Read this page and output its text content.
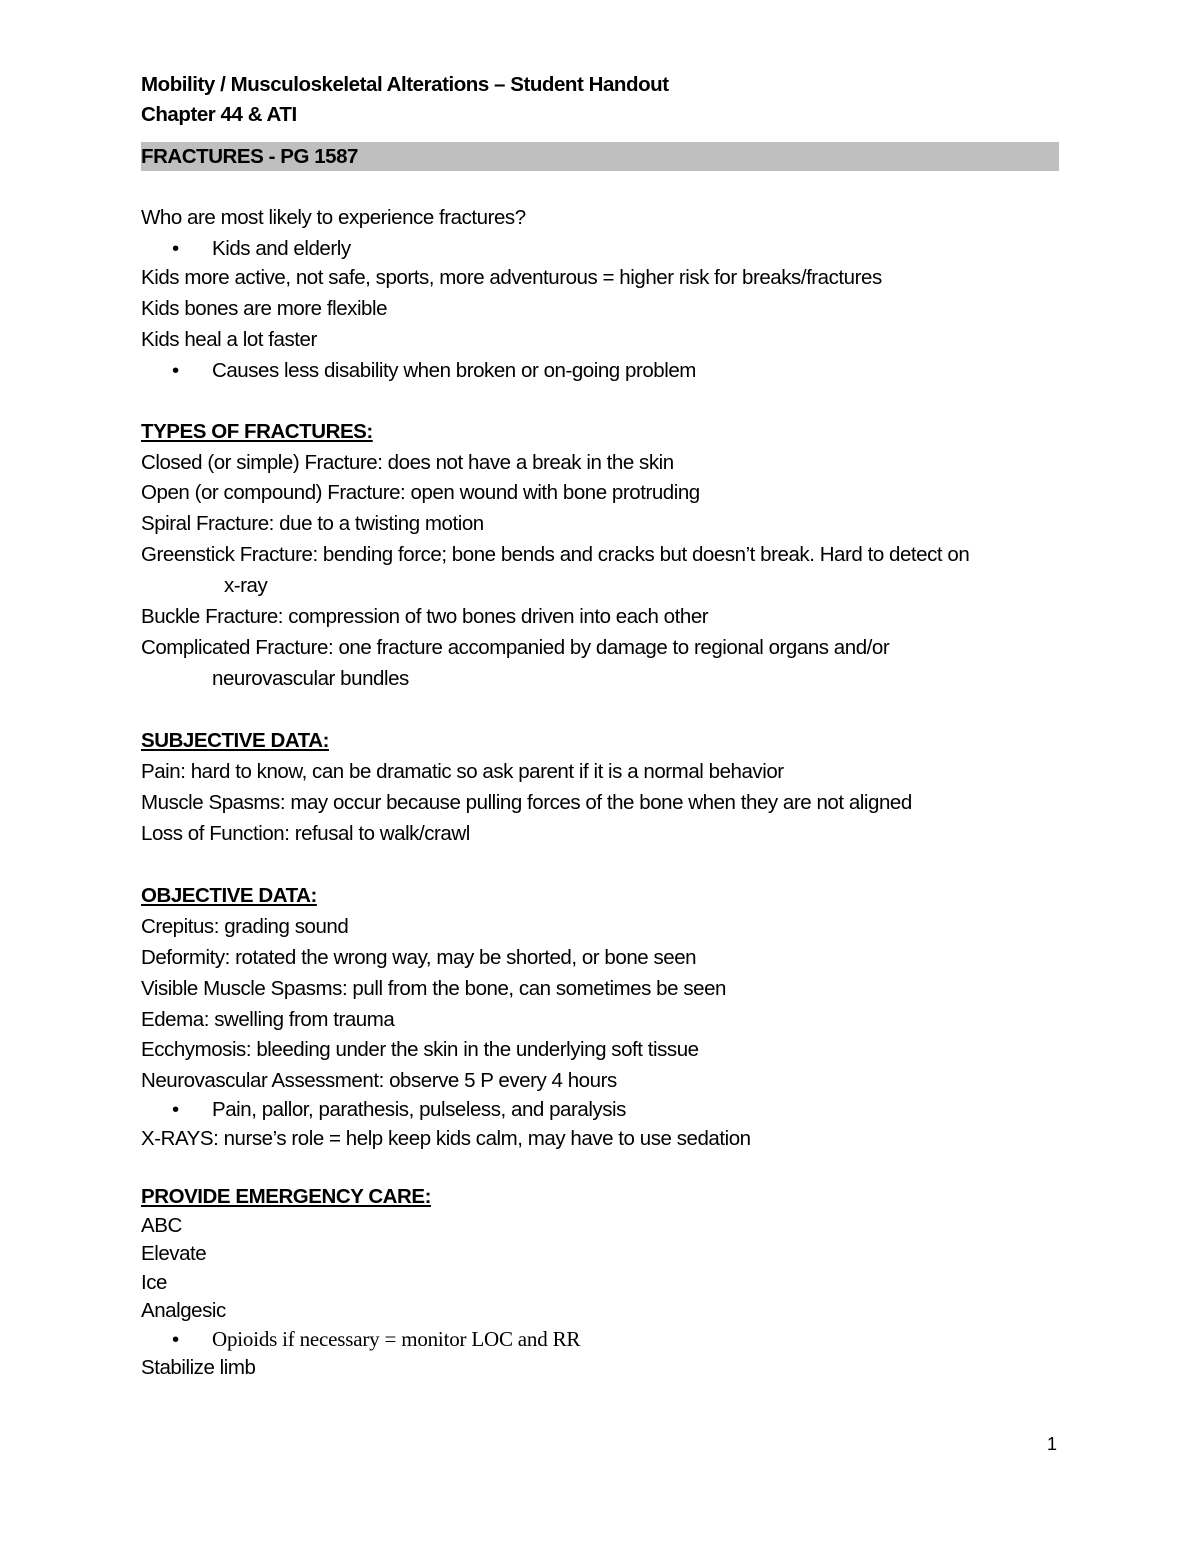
Mobility / Musculoskeletal Alterations – Student Handout
Chapter 44 & ATI
FRACTURES - PG 1587
Who are most likely to experience fractures?
• Kids and elderly
Kids more active, not safe, sports, more adventurous = higher risk for breaks/fractures
Kids bones are more flexible
Kids heal a lot faster
• Causes less disability when broken or on-going problem
TYPES OF FRACTURES:
Closed (or simple) Fracture: does not have a break in the skin
Open (or compound) Fracture: open wound with bone protruding
Spiral Fracture: due to a twisting motion
Greenstick Fracture: bending force; bone bends and cracks but doesn’t break. Hard to detect on
x-ray
Buckle Fracture: compression of two bones driven into each other
Complicated Fracture: one fracture accompanied by damage to regional organs and/or
neurovascular bundles
SUBJECTIVE DATA:
Pain: hard to know, can be dramatic so ask parent if it is a normal behavior
Muscle Spasms: may occur because pulling forces of the bone when they are not aligned
Loss of Function: refusal to walk/crawl
OBJECTIVE DATA:
Crepitus: grading sound
Deformity: rotated the wrong way, may be shorted, or bone seen
Visible Muscle Spasms: pull from the bone, can sometimes be seen
Edema: swelling from trauma
Ecchymosis: bleeding under the skin in the underlying soft tissue
Neurovascular Assessment: observe 5 P every 4 hours
• Pain, pallor, parathesis, pulseless, and paralysis
X-RAYS: nurse’s role = help keep kids calm, may have to use sedation
PROVIDE EMERGENCY CARE:
ABC
Elevate
Ice
Analgesic
• Opioids if necessary = monitor LOC and RR
Stabilize limb
1
